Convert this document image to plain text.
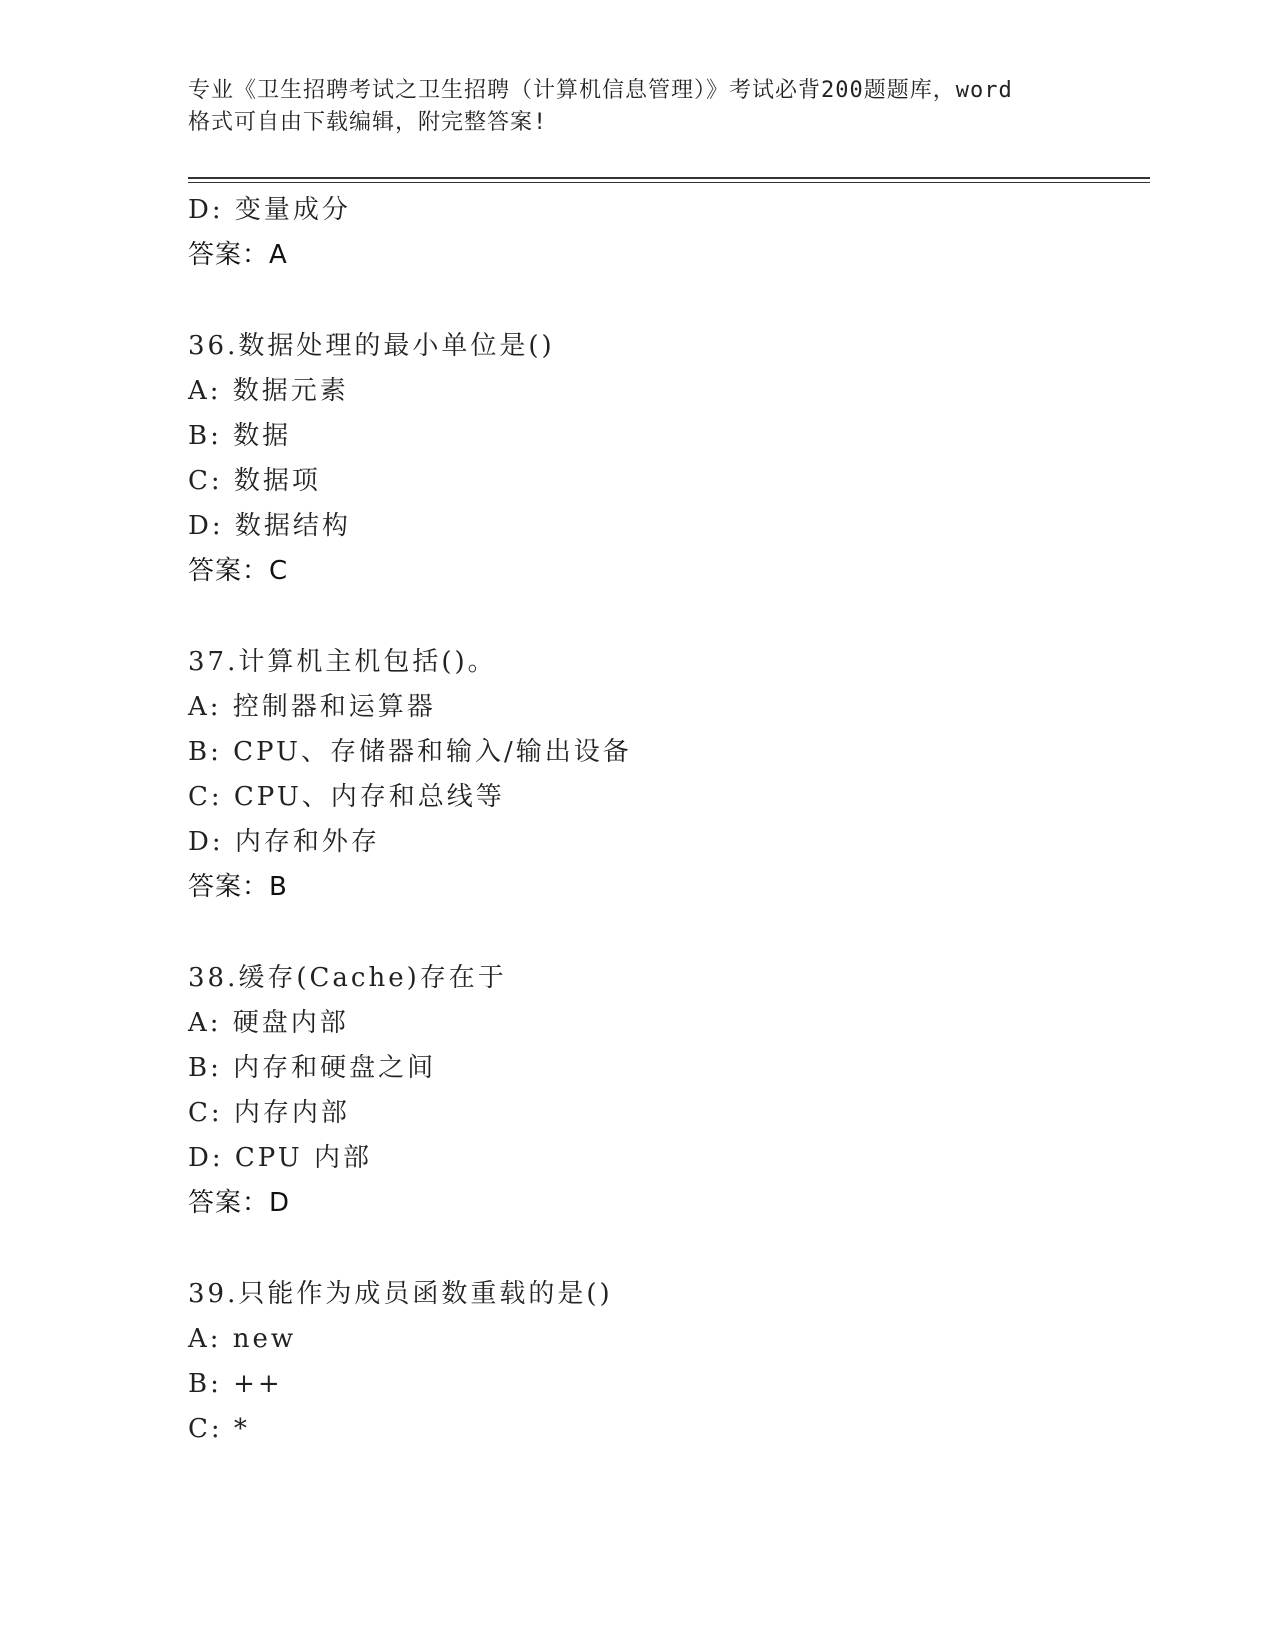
专业《卫生招聘考试之卫生招聘（计算机信息管理）》考试必背200题题库，word
格式可自由下载编辑，附完整答案!
D: 变量成分
答案：A
36.数据处理的最小单位是()
A: 数据元素
B: 数据
C: 数据项
D: 数据结构
答案：C
37.计算机主机包括()。
A: 控制器和运算器
B: CPU、存储器和输入/输出设备
C: CPU、内存和总线等
D: 内存和外存
答案：B
38.缓存(Cache)存在于
A: 硬盘内部
B: 内存和硬盘之间
C: 内存内部
D: CPU 内部
答案：D
39.只能作为成员函数重载的是()
A: new
B: ++
C: *
